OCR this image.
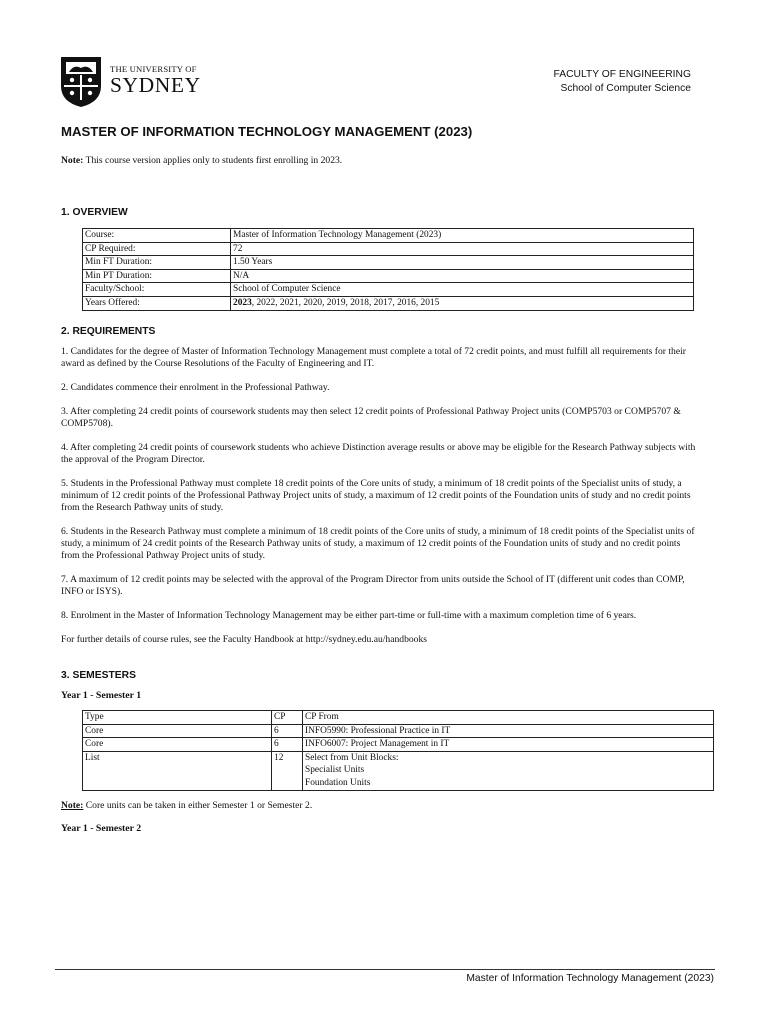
THE UNIVERSITY OF
SYDNEY	FACULTY OF ENGINEERING
School of Computer Science
MASTER OF INFORMATION TECHNOLOGY MANAGEMENT (2023)
Note: This course version applies only to students first enrolling in 2023.
1. OVERVIEW
Course:	Master of Information Technology Management (2023)
CP Required:	72
Min FT Duration:	1.50 Years
Min PT Duration:	N/A
Faculty/School:	School of Computer Science
Years Offered:	2023, 2022, 2021, 2020, 2019, 2018, 2017, 2016, 2015
2. REQUIREMENTS

1. Candidates for the degree of Master of Information Technology Management must complete a total of 72 credit points, and must fulfill all requirements for their award as defined by the Course Resolutions of the Faculty of Engineering and IT.

2. Candidates commence their enrolment in the Professional Pathway.

3. After completing 24 credit points of coursework students may then select 12 credit points of Professional Pathway Project units (COMP5703 or COMP5707 & COMP5708).

4. After completing 24 credit points of coursework students who achieve Distinction average results or above may be eligible for the Research Pathway subjects with the approval of the Program Director.

5. Students in the Professional Pathway must complete 18 credit points of the Core units of study, a minimum of 18 credit points of the Specialist units of study, a minimum of 12 credit points of the Professional Pathway Project units of study, a maximum of 12 credit points of the Foundation units of study and no credit points from the Research Pathway units of study.

6. Students in the Research Pathway must complete a minimum of 18 credit points of the Core units of study, a minimum of 18 credit points of the Specialist units of study, a minimum of 24 credit points of the Research Pathway units of study, a maximum of 12 credit points of the Foundation units of study and no credit points from the Professional Pathway Project units of study.

7. A maximum of 12 credit points may be selected with the approval of the Program Director from units outside the School of IT (different unit codes than COMP, INFO or ISYS).

8. Enrolment in the Master of Information Technology Management may be either part-time or full-time with a maximum completion time of 6 years.

For further details of course rules, see the Faculty Handbook at http://sydney.edu.au/handbooks

3. SEMESTERS
Year 1 - Semester 1
Type	CP	CP From
Core	6	INFO5990: Professional Practice in IT
Core	6	INFO6007: Project Management in IT
List	12	Select from Unit Blocks:
Specialist Units
Foundation Units
Note: Core units can be taken in either Semester 1 or Semester 2.
Year 1 - Semester 2
Master of Information Technology Management (2023)
